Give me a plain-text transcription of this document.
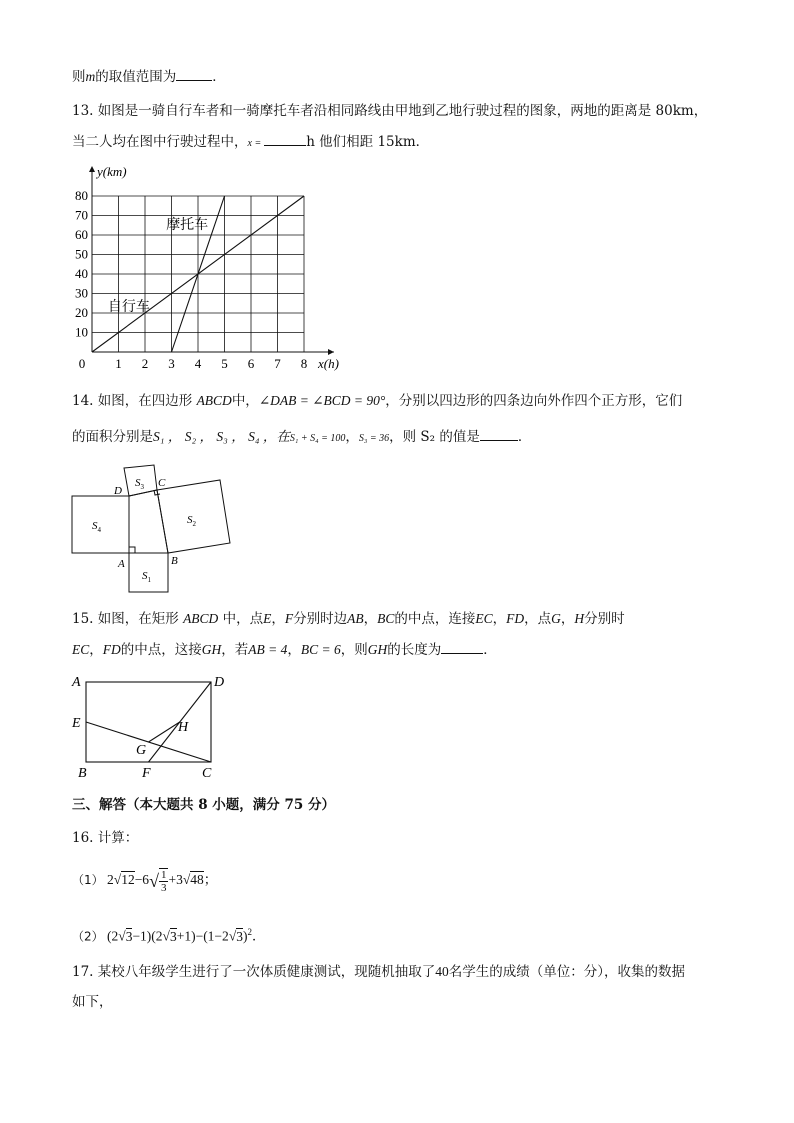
则m的取值范围为	．
13. 如图是一骑自行车者和一骑摩托车者沿相同路线由甲地到乙地行驶过程的图象，两地的距离是 80km，
当二人均在图中行驶过程中，x =	h 他们相距 15km．
1 2 3 4 5 6 7 8
10
20
30
40
50
60
70
80
0
y(km)
x(h)
摩托车
自行车
14. 如图，在四边形 ABCD中，∠DAB = ∠BCD = 90°，分别以四边形的四条边向外作四个正方形，它们
的面积分别是S₁ ， S₂ ， S₃ ， S₄ ，在S₁ + S₄ = 100，S₃ = 36，则 S₂ 的值是	．
D
C
A	B
$S_4$
$S_1$
$S_3$
$S_2$
15. 如图，在矩形 ABCD 中，点E，F分别时边AB，BC的中点，连接EC，FD，点G，H分别时
EC，FD的中点，这接GH，若AB = 4，BC = 6，则GH的长度为	．
A	D
E	H
G
B	F	C
三、解答（本大题共 8 小题，满分 75 分）
16. 计算：
（1） $2√12-6√ \frac{1}{3} +3√48$；
（2） $(2√3-1)(2√3+1)-(1-2√3)^2$．
17. 某校八年级学生进行了一次体质健康测试，现随机抽取了40名学生的成绩（单位：分），收集的数据
如下，
